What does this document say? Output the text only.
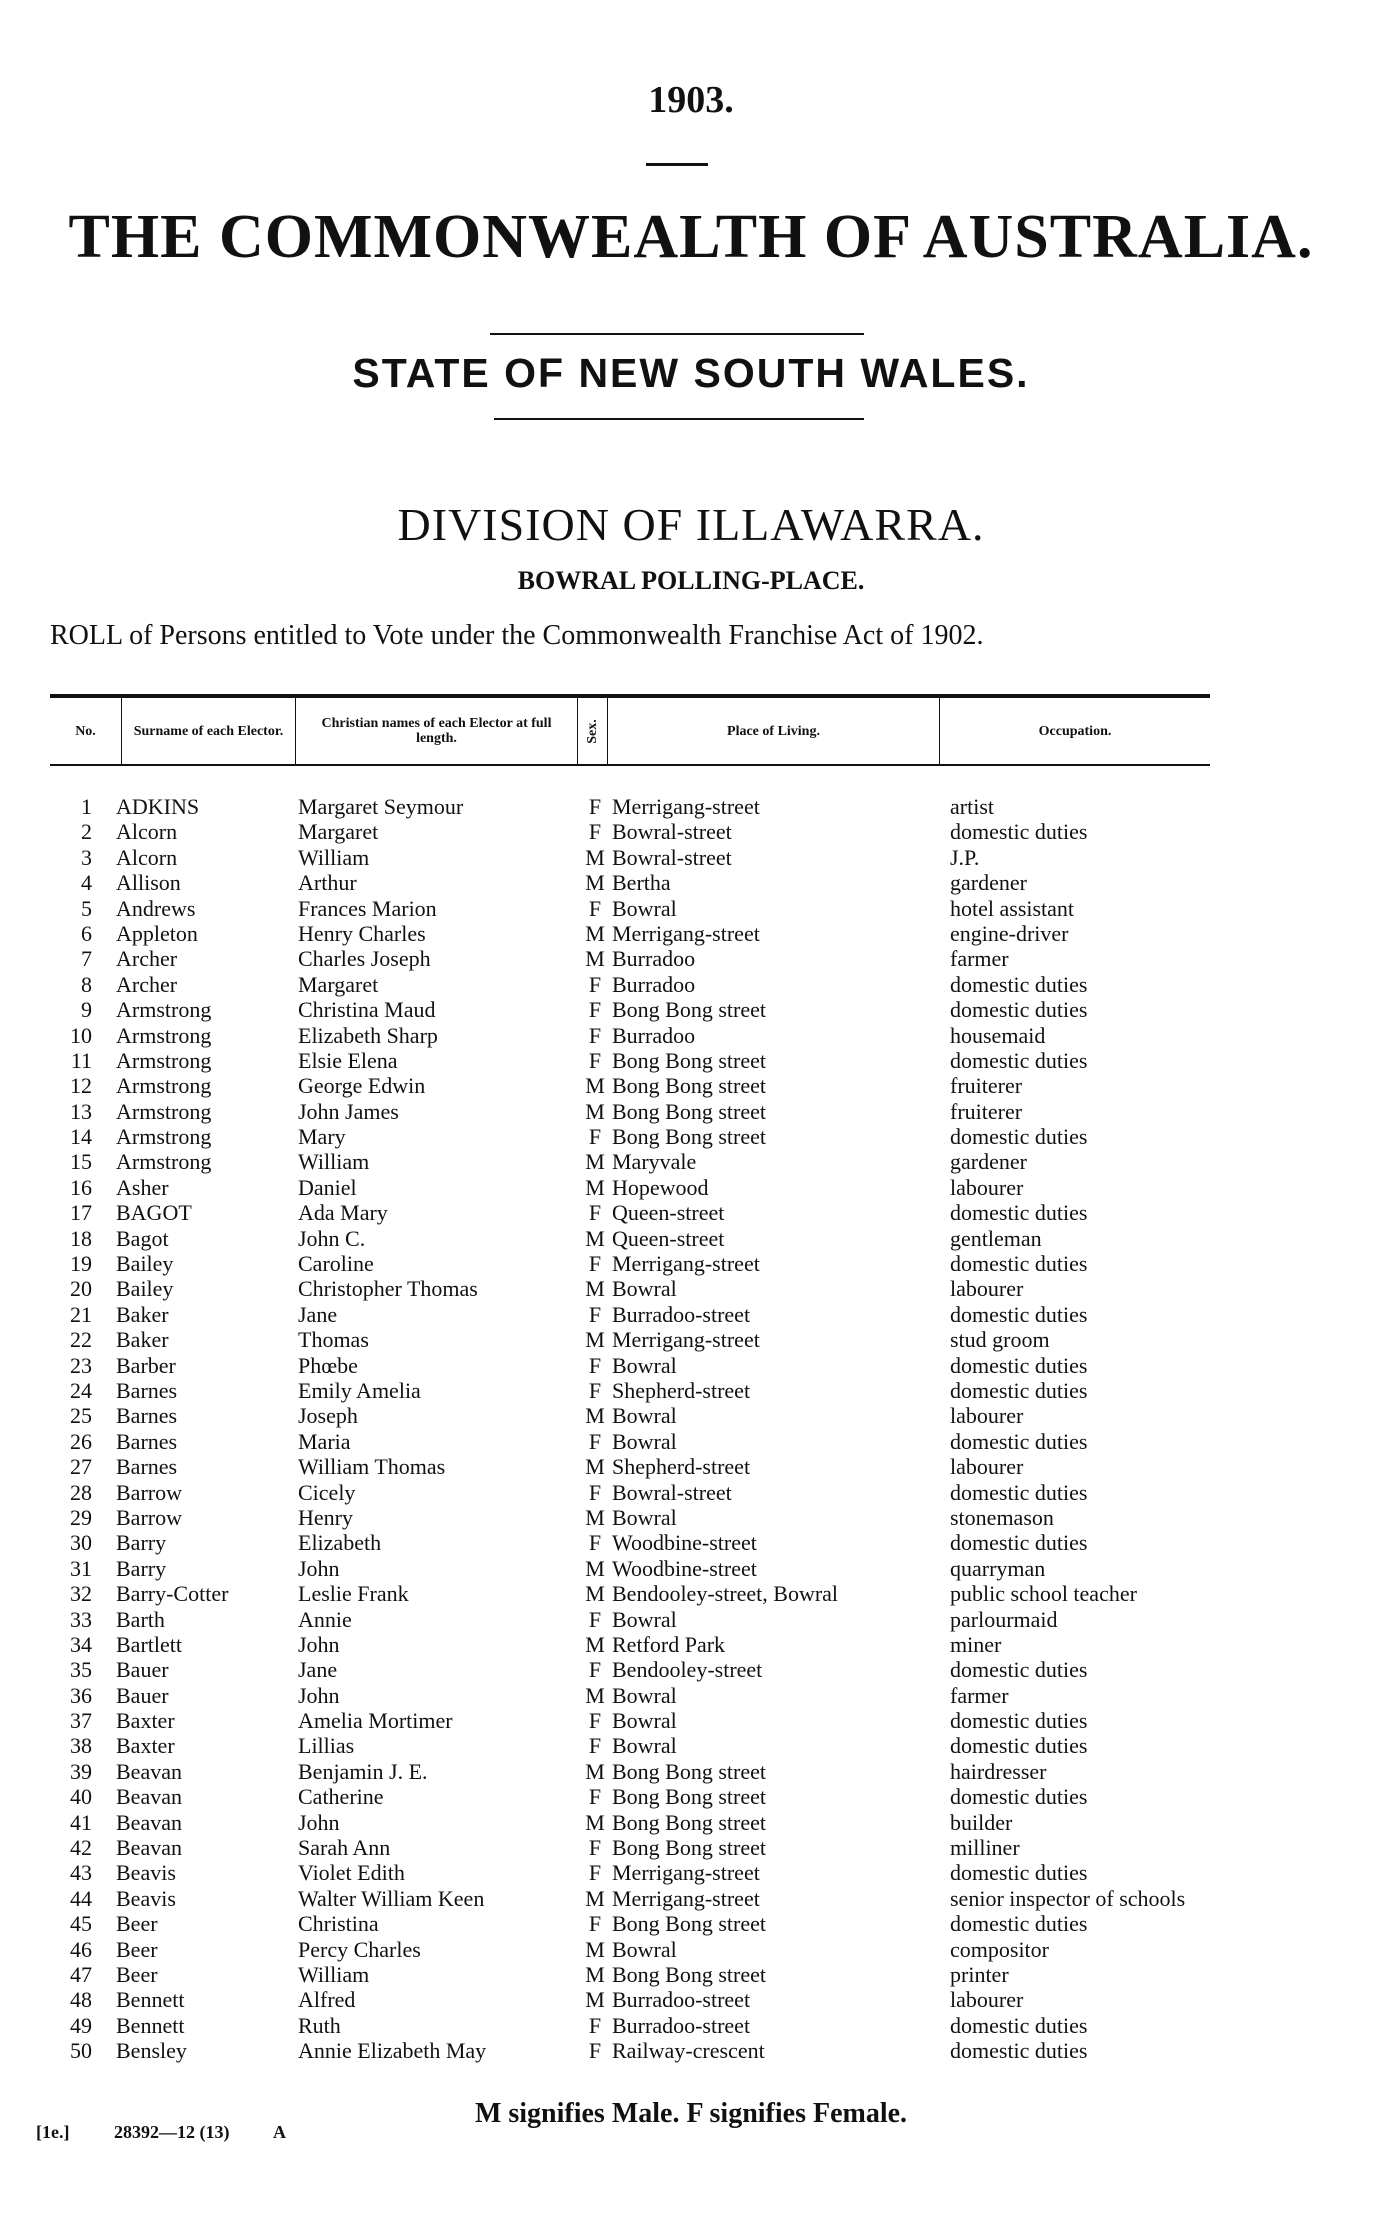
1903.
THE COMMONWEALTH OF AUSTRALIA.
STATE OF NEW SOUTH WALES.
DIVISION OF ILLAWARRA.
BOWRAL POLLING-PLACE.
ROLL of Persons entitled to Vote under the Commonwealth Franchise Act of 1902.
No.	Surname of each Elector.	Christian names of each Elector at full length.	Sex.	Place of Living.	Occupation.
1 ADKINS	Margaret Seymour	F Merrigang-street	artist
2 Alcorn	Margaret	F Bowral-street	domestic duties
3 Alcorn	William	M Bowral-street	J.P.
4 Allison	Arthur	M Bertha	gardener
5 Andrews	Frances Marion	F Bowral	hotel assistant
6 Appleton	Henry Charles	M Merrigang-street	engine-driver
7 Archer	Charles Joseph	M Burradoo	farmer
8 Archer	Margaret	F Burradoo	domestic duties
9 Armstrong	Christina Maud	F Bong Bong street	domestic duties
10 Armstrong	Elizabeth Sharp	F Burradoo	housemaid
11 Armstrong	Elsie Elena	F Bong Bong street	domestic duties
12 Armstrong	George Edwin	M Bong Bong street	fruiterer
13 Armstrong	John James	M Bong Bong street	fruiterer
14 Armstrong	Mary	F Bong Bong street	domestic duties
15 Armstrong	William	M Maryvale	gardener
16 Asher	Daniel	M Hopewood	labourer
17 BAGOT	Ada Mary	F Queen-street	domestic duties
18 Bagot	John C.	M Queen-street	gentleman
19 Bailey	Caroline	F Merrigang-street	domestic duties
20 Bailey	Christopher Thomas	M Bowral	labourer
21 Baker	Jane	F Burradoo-street	domestic duties
22 Baker	Thomas	M Merrigang-street	stud groom
23 Barber	Phœbe	F Bowral	domestic duties
24 Barnes	Emily Amelia	F Shepherd-street	domestic duties
25 Barnes	Joseph	M Bowral	labourer
26 Barnes	Maria	F Bowral	domestic duties
27 Barnes	William Thomas	M Shepherd-street	labourer
28 Barrow	Cicely	F Bowral-street	domestic duties
29 Barrow	Henry	M Bowral	stonemason
30 Barry	Elizabeth	F Woodbine-street	domestic duties
31 Barry	John	M Woodbine-street	quarryman
32 Barry-Cotter	Leslie Frank	M Bendooley-street, Bowral	public school teacher
33 Barth	Annie	F Bowral	parlourmaid
34 Bartlett	John	M Retford Park	miner
35 Bauer	Jane	F Bendooley-street	domestic duties
36 Bauer	John	M Bowral	farmer
37 Baxter	Amelia Mortimer	F Bowral	domestic duties
38 Baxter	Lillias	F Bowral	domestic duties
39 Beavan	Benjamin J. E.	M Bong Bong street	hairdresser
40 Beavan	Catherine	F Bong Bong street	domestic duties
41 Beavan	John	M Bong Bong street	builder
42 Beavan	Sarah Ann	F Bong Bong street	milliner
43 Beavis	Violet Edith	F Merrigang-street	domestic duties
44 Beavis	Walter William Keen	M Merrigang-street	senior inspector of schools
45 Beer	Christina	F Bong Bong street	domestic duties
46 Beer	Percy Charles	M Bowral	compositor
47 Beer	William	M Bong Bong street	printer
48 Bennett	Alfred	M Burradoo-street	labourer
49 Bennett	Ruth	F Burradoo-street	domestic duties
50 Bensley	Annie Elizabeth May	F Railway-crescent	domestic duties
M signifies Male. F signifies Female.
[1e.] 28392—12 (13) A
